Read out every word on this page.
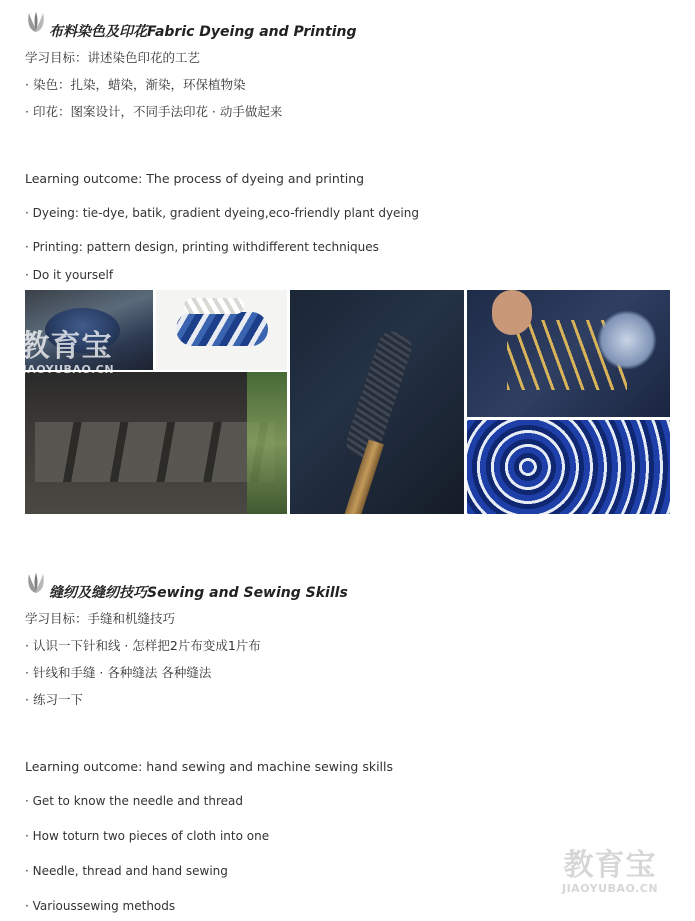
布料染色及印花Fabric Dyeing and Printing
学习目标：讲述染色印花的工艺
· 染色：扎染，蜡染，渐染，环保植物染
· 印花：图案设计，不同手法印花 · 动手做起来
Learning outcome: The process of dyeing and printing
· Dyeing: tie-dye, batik, gradient dyeing,eco-friendly plant dyeing
· Printing: pattern design, printing withdifferent techniques
· Do it yourself
教育宝
JIAOYUBAO.CN
缝纫及缝纫技巧Sewing and Sewing Skills
学习目标：手缝和机缝技巧
· 认识一下针和线 · 怎样把2片布变成1片布
· 针线和手缝 · 各种缝法 各种缝法
· 练习一下
Learning outcome: hand sewing and machine sewing skills
· Get to know the needle and thread
· How toturn two pieces of cloth into one
· Needle, thread and hand sewing
· Varioussewing methods
教育宝
JIAOYUBAO.CN
